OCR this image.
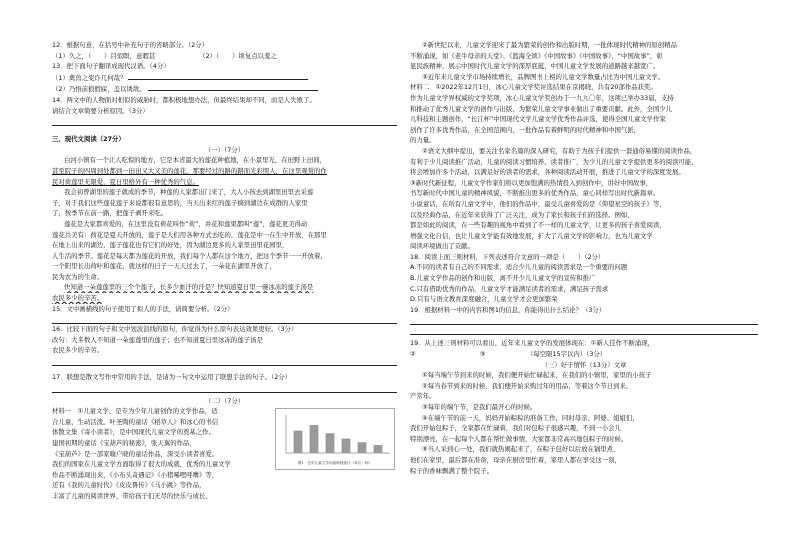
12．根据句意，在括号中补充句子的省略部分。（2分）
（1）久之，（　　）目似瞑，意暇甚	（2）（　　）顷复点以羞之
13．把下面句子翻译成现代汉语。（4分）
（1）禽兽之变诈几何哉？
（2）乃悟前狼假寐，盖以诱敌。
14．两文中的人物面对相似的威胁时，都积极地想办法，但最终结果却不同，而是人失败了。
请结合文章简要分析原因。（3分）
三、现代文阅读（27分）
（一）（7分）
白河小镇有一个让人吃惊的地方，它是本省最大的莲花种植地，在小景里光，在田野上田间，
甚至院子的四周到处都到一田田又大又美的莲花。那要经过的路的路面光彩照人，在这里观赏的作
民对荷莲里无限爱，夏日里格外有一种优秀的气息。
我会初曾湖里的莲子就成的季节，种莲的人家都出门来了，大人小孩去到湖里田里去采莲
子，对于我们这些莲花莲子来说都很有意思的，当天出来红的莲子摘到湖边在成群的人家里
了，按季节在前一路，把莲子剥开来吃。
莲花是大家都喜爱的，在这里没有荷花叫作“荷”，并花和莲果都叫“莲”，莲花更美得动
莲花共美有：荷花是夏天开放的，莲子是人们用各种方式去吃的，莲花是中一在生中开放，在那里
在地上出来的湖边，莲子莲花也有它们的好处，因为湖边更多的人家里田里花园里，
人生活的季节。莲花是每天都为莲花的开放，我们每个人都在这个地方，把这个季节一一开放着，
一个阳里长出荷叶和莲花，就这样的日子一天天过去了，一朵花在湖里开放了，
民为农为的生命。
快知道一朵莲莲里的三个个莲子，长多少血汗的汗是？快知道夏日里一碗冰冻的莲子汤是
农民多少的辛苦。
15．文中画横线的句子使用了拟人的手法，请简要分析。（2分）
16．比较下面的句子和文中划波浪线的原句，你觉得为什么原句表达效果更好。（3分）
改句：大多数人不知道一朵莲莲里的莲子；也不知道夏日里冰冻的莲子汤是
农民多少的辛劳。
17．联想是散文写作中常用的手法，是请为一句文中运用了联想手法的句子。（2分）
（二）（7分）
图1　近年儿童文学出版种数统计（单位：种）
材料一　①儿童文学，是专为少年儿童创作的文学作品，适
合儿童，生动活泼。叶圣陶的童话《稻草人》和冰心的书信
体散文集《寄小读者》，是中国现代儿童文学的奠基之作。
建国初期的童话《宝葫芦的秘密》，张天翼的作品，
《宝葫芦》是一部家喻户晓的童话作品，深受小读者喜爱。
我们的国家在儿童文学方面取得了很大的成就，优秀的儿童文学
作品不断涌现出来，《小布头奇遇记》《小猪唏哩呼噜》等，
还有《我的儿童时代》《皮皮鲁传》《马小跳》等作品，
丰富了儿童的阅读世界，带给孩子们无尽的快乐与成长。
②新世纪以来，儿童文学迎来了最为繁荣的创作和出版时期，一批体现时代精神的原创精品
不断涌现，如《老牛母亲的天堂》、《篮海全颂》《中国故事》《中国故事》，“中国故事”，彰
显民族精神，展示中国时代儿童文学的深厚底蕴，中国儿童文学发展的道路越来越宽广。
③近年来儿童文学市场持续增长，品牌图书上榜的儿童文学数量占比为中国儿童文学。
材料二　①2022年12月1日，冰心儿童文学奖评选结果在京揭晓，共有20部作品获奖。
作为儿童文学界权威的文学奖项，冰心儿童文学奖创办于一九九〇年，这项已举办33届，支持
和推动了优秀儿童文学的创作与出版，为繁荣儿童文学事业做出了重要贡献。此外，全国少儿
儿科技和主题创作，“长江杯”中国现代文学儿童文学优秀作品评选，使得全国儿童文学作家
创作了许多优秀作品，在全国范围内，一批作品有着鲜明的时代精神和中国气派，
的力量。
②语文大纲中提出，要关注名家名篇的深入研究，有助于为孩子们提供一套通俗易懂的阅读作品，
有利于少儿阅读推广活动，儿童的阅读习惯培养、读者推广，为少儿的儿童文学提供更多的阅读可能，
将会增加许多个活动，以满足好的读者的需求，各种阅读活动开展，推进了儿童文学的深度发展。
③新时代新征程，儿童文学作家们将以更加饱满的热情投入到创作中，讲好中国故事，
书写新时代中国儿童的精神风貌，不断推出更多的优秀作品，童心同样写出时代新篇章。
小说童话，在所有儿童文学中，他们的作品中，最受儿童喜爱的是《仰望星空的孩子》等，
以及经典作品，在近年来获得了广泛关注，成为了家长和孩子们的选择。例如，
都是如此的阅读，在一些有趣的视角中看到了不一样的儿童文学，让更多的孩子喜爱阅读，
增强文化自信，也让儿童文学能有效地发展，扩大了儿童文学的影响力，也为儿童文学
阅读环境做出了贡献。
18．阅读上面三则材料，下列表述符合文意的一项是（　　）（2分）
A.不同的读者有自己的不同需求，适合少儿儿童的阅读需求是一个重要的问题
B.儿童文学作品的创作和出版，离不开少儿儿童文学的宣传和推广
C.只有借助优秀的作品，儿童文学才能满足读者的需求，满足孩子需求
D.只有与语文教育深度融合，儿童文学才会更加繁荣
19．根据材料一中的内容和图1的信息，你能得出什么结论？（3分）
19．从上述三则材料可以看出，近年来儿童文学的发展体现在：①新人佳作不断涌现，
②　　　　　　　　　　③　　　　　　　（每空限15字以内）（3分）
（三）好子情怀（13分）文章
①每当端午节到来的时候，我们便开始忙碌起来，在我们的小镇里，家里的小孩子
②每当春节到来的时候，我们便开始采购过年的用品，等着这个节日到来，
产常年。
③每年的端午节，是我们最开心的时候。
④在端午节的前一天，妈妈开始粽粽的准备工作，同时母亲、阿婆、姐姐们，
我们开始包粽子，全家都在忙碌着，我们对包粽子很感兴趣，不到一小会儿
特别漂亮，在一起每个人都在帮忙做事情，大家都非常高兴地包粽子的时候。
⑤当人采到心一处，我们就热闹起来了，在粽子包好以后放在锅里煮，
他们在家里，最后都在准备，母亲在厨房里忙着，家里人都在享受这一刻，
粽子的香味飘满了整个院子。
